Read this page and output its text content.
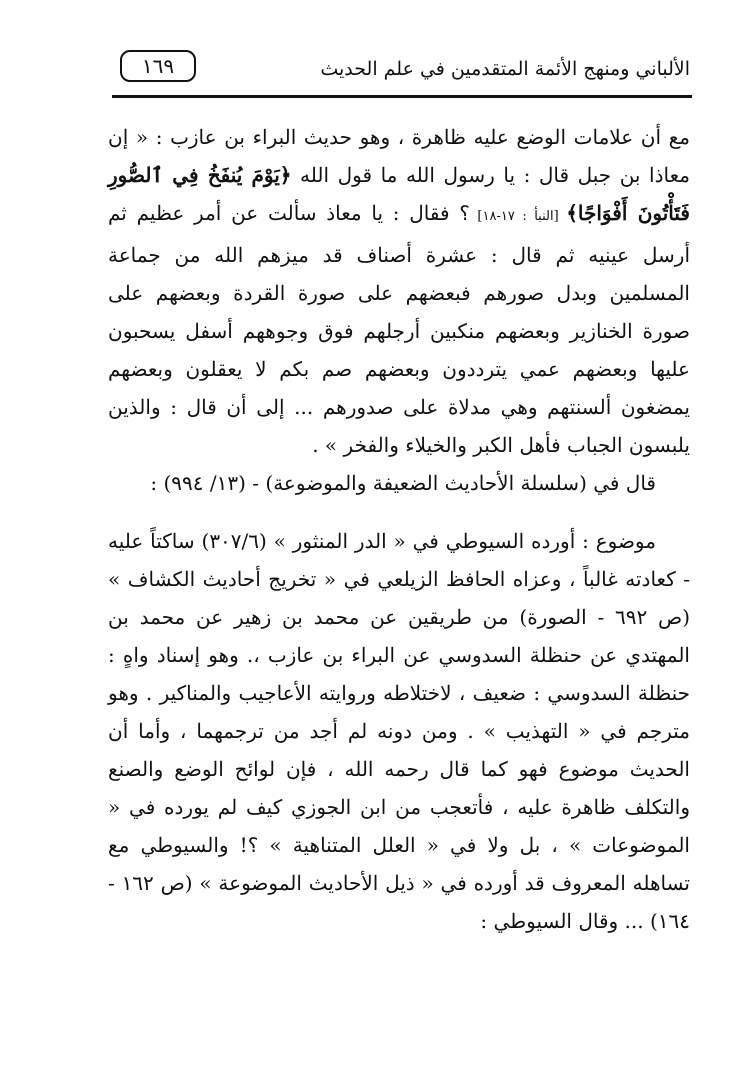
الألباني ومنهج الأئمة المتقدمين في علم الحديث
١٦٩

مع أن علامات الوضع عليه ظاهرة ، وهو حديث البراء بن عازب : « إن معاذا بن جبل قال : يا رسول الله ما قول الله ﴿يَوْمَ يُنفَخُ فِي ٱلصُّورِ فَتَأْتُونَ أَفْوَاجًا﴾ [النبأ : ١٧-١٨] ؟ فقال : يا معاذ سألت عن أمر عظيم ثم أرسل عينيه ثم قال : عشرة أصناف قد ميزهم الله من جماعة المسلمين وبدل صورهم فبعضهم على صورة القردة وبعضهم على صورة الخنازير وبعضهم منكبين أرجلهم فوق وجوههم أسفل يسحبون عليها وبعضهم عمي يترددون وبعضهم صم بكم لا يعقلون وبعضهم يمضغون ألسنتهم وهي مدلاة على صدورهم ... إلى أن قال : والذين يلبسون الجباب فأهل الكبر والخيلاء والفخر » .

قال في (سلسلة الأحاديث الضعيفة والموضوعة) - (١٣/ ٩٩٤) :

موضوع : أورده السيوطي في « الدر المنثور » (٣٠٧/٦) ساكتاً عليه - كعادته غالباً ، وعزاه الحافظ الزيلعي في « تخريج أحاديث الكشاف » (ص ٦٩٢ - الصورة) من طريقين عن محمد بن زهير عن محمد بن المهتدي عن حنظلة السدوسي عن البراء بن عازب ،. وهو إسناد واهٍ : حنظلة السدوسي : ضعيف ، لاختلاطه وروايته الأعاجيب والمناكير . وهو مترجم في « التهذيب » . ومن دونه لم أجد من ترجمهما ، وأما أن الحديث موضوع فهو كما قال رحمه الله ، فإن لوائح الوضع والصنع والتكلف ظاهرة عليه ، فأتعجب من ابن الجوزي كيف لم يورده في « الموضوعات » ، بل ولا في « العلل المتناهية » ؟! والسيوطي مع تساهله المعروف قد أورده في « ذيل الأحاديث الموضوعة » (ص ١٦٢ - ١٦٤) ... وقال السيوطي :
